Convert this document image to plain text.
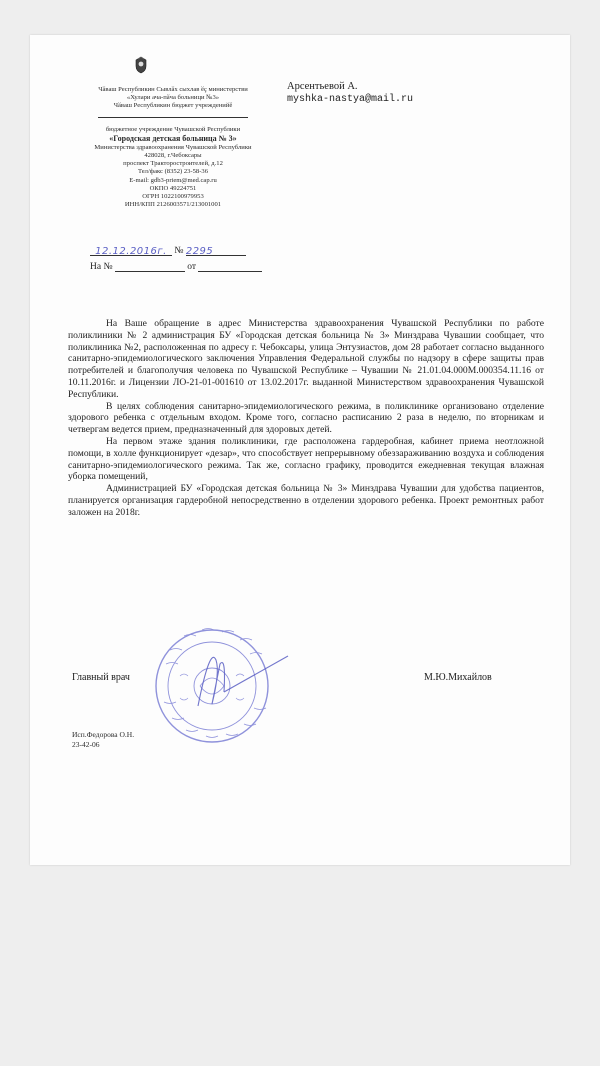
Чӑваш Республикин Сывлӑх сыхлав ӗҫ министерстви
«Хулари ача-пӑча больници №3»
Чӑваш Республикин бюджет учрежденийӗ
бюджетное учреждение Чувашской Республики
«Городская детская больница № 3»
Министерства здравоохранения Чувашской Республики
428028, г.Чебоксары
проспект Тракторостроителей, д.12
Тел/факс (8352) 23-58-36
E-mail: gdb3-priem@med.cap.ru
ОКПО 49224751
ОГРН 1022100979953
ИНН/КПП 2126003571/213001001
12.12.2016г. № 2295
На №	от
Арсентьевой А.
myshka-nastya@mail.ru

На Ваше обращение в адрес Министерства здравоохранения Чувашской Республики по работе поликлиники № 2 администрация БУ «Городская детская больница № 3» Минздрава Чувашии сообщает, что поликлиника №2, расположенная по адресу г. Чебоксары, улица Энтузиастов, дом 28 работает согласно выданного санитарно-эпидемиологического заключения Управления Федеральной службы по надзору в сфере защиты прав потребителей и благополучия человека по Чувашской Республике – Чувашии № 21.01.04.000М.000354.11.16 от 10.11.2016г. и Лицензии ЛО-21-01-001610 от 13.02.2017г. выданной Министерством здравоохранения Чувашской Республики.

В целях соблюдения санитарно-эпидемиологического режима, в поликлинике организовано отделение здорового ребенка с отдельным входом. Кроме того, согласно расписанию 2 раза в неделю, по вторникам и четвергам ведется прием, предназначенный для здоровых детей.

На первом этаже здания поликлиники, где расположена гардеробная, кабинет приема неотложной помощи, в холле функционирует «дезар», что способствует непрерывному обеззараживанию воздуха и соблюдения санитарно-эпидемиологического режима. Так же, согласно графику, проводится ежедневная текущая влажная уборка помещений,

Администрацией БУ «Городская детская больница № 3» Минздрава Чувашии для удобства пациентов, планируется организация гардеробной непосредственно в отделении здорового ребенка. Проект ремонтных работ заложен на 2018г.

Главный врач	М.Ю.Михайлов
Исп.Федорова О.Н.
23-42-06
